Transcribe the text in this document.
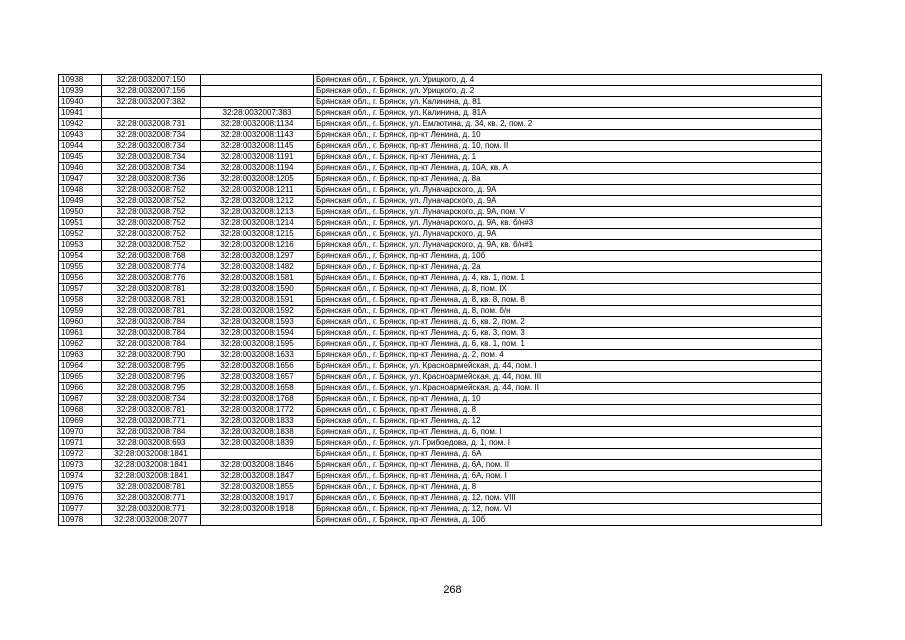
10938	32:28:0032007:150		Брянская обл., г. Брянск, ул. Урицкого, д. 4
10939	32:28:0032007:156		Брянская обл., г. Брянск, ул. Урицкого, д. 2
10940	32:28:0032007:382		Брянская обл., г. Брянск, ул. Калинина, д. 81
10941		32:28:0032007:383	Брянская обл., г. Брянск, ул. Калинина, д. 81А
10942	32:28:0032008:731	32:28:0032008:1134	Брянская обл., г. Брянск, ул. Емлютина, д. 34, кв. 2, пом. 2
10943	32:28:0032008:734	32:28:0032008:1143	Брянская обл., г. Брянск, пр-кт Ленина, д. 10
10944	32:28:0032008:734	32:28:0032008:1145	Брянская обл., г. Брянск, пр-кт Ленина, д. 10, пом. II
10945	32:28:0032008:734	32:28:0032008:1191	Брянская обл., г. Брянск, пр-кт Ленина, д. 1
10946	32:28:0032008:734	32:28:0032008:1194	Брянская обл., г. Брянск, пр-кт Ленина, д. 10А, кв. А
10947	32:28:0032008:736	32:28:0032008:1205	Брянская обл., г. Брянск, пр-кт Ленина, д. 8а
10948	32:28:0032008:752	32:28:0032008:1211	Брянская обл., г. Брянск, ул. Луначарского, д. 9А
10949	32:28:0032008:752	32:28:0032008:1212	Брянская обл., г. Брянск, ул. Луначарского, д. 9А
10950	32:28:0032008:752	32:28:0032008:1213	Брянская обл., г. Брянск, ул. Луначарского, д. 9А, пом. V
10951	32:28:0032008:752	32:28:0032008:1214	Брянская обл., г. Брянск, ул. Луначарского, д. 9А, кв. б/н#3
10952	32:28:0032008:752	32:28:0032008:1215	Брянская обл., г. Брянск, ул. Луначарского, д. 9А
10953	32:28:0032008:752	32:28:0032008:1216	Брянская обл., г. Брянск, ул. Луначарского, д. 9А, кв. б/н#1
10954	32:28:0032008:768	32:28:0032008:1297	Брянская обл., г. Брянск, пр-кт Ленина, д. 10б
10955	32:28:0032008:774	32:28:0032008:1482	Брянская обл., г. Брянск, пр-кт Ленина, д. 2а
10956	32:28:0032008:776	32:28:0032008:1581	Брянская обл., г. Брянск, пр-кт Ленина, д. 4, кв. 1, пом. 1
10957	32:28:0032008:781	32:28:0032008:1590	Брянская обл., г. Брянск, пр-кт Ленина, д. 8, пом. IX
10958	32:28:0032008:781	32:28:0032008:1591	Брянская обл., г. Брянск, пр-кт Ленина, д. 8, кв. 8, пом. 8
10959	32:28:0032008:781	32:28:0032008:1592	Брянская обл., г. Брянск, пр-кт Ленина, д. 8, пом. б/н
10960	32:28:0032008:784	32:28:0032008:1593	Брянская обл., г. Брянск, пр-кт Ленина, д. 6, кв. 2, пом. 2
10961	32:28:0032008:784	32:28:0032008:1594	Брянская обл., г. Брянск, пр-кт Ленина, д. 6, кв. 3, пом. 3
10962	32:28:0032008:784	32:28:0032008:1595	Брянская обл., г. Брянск, пр-кт Ленина, д. 6, кв. 1, пом. 1
10963	32:28:0032008:790	32:28:0032008:1633	Брянская обл., г. Брянск, пр-кт Ленина, д. 2, пом. 4
10964	32:28:0032008:795	32:28:0032008:1656	Брянская обл., г. Брянск, ул. Красноармейская, д. 44, пом. I
10965	32:28:0032008:795	32:28:0032008:1657	Брянская обл., г. Брянск, ул. Красноармейская, д. 44, пом. III
10966	32:28:0032008:795	32:28:0032008:1658	Брянская обл., г. Брянск, ул. Красноармейская, д. 44, пом. II
10967	32:28:0032008:734	32:28:0032008:1768	Брянская обл., г. Брянск, пр-кт Ленина, д. 10
10968	32:28:0032008:781	32:28:0032008:1772	Брянская обл., г. Брянск, пр-кт Ленина, д. 8
10969	32:28:0032008:771	32:28:0032008:1833	Брянская обл., г. Брянск, пр-кт Ленина, д. 12
10970	32:28:0032008:784	32:28:0032008:1838	Брянская обл., г. Брянск, пр-кт Ленина, д. 6, пом. I
10971	32:28:0032008:693	32:28:0032008:1839	Брянская обл., г. Брянск, ул. Грибоедова, д. 1, пом. I
10972	32:28:0032008:1841		Брянская обл., г. Брянск, пр-кт Ленина, д. 6А
10973	32:28:0032008:1841	32:28:0032008:1846	Брянская обл., г. Брянск, пр-кт Ленина, д. 6А, пом. II
10974	32:28:0032008:1841	32:28:0032008:1847	Брянская обл., г. Брянск, пр-кт Ленина, д. 6А, пом. I
10975	32:28:0032008:781	32:28:0032008:1855	Брянская обл., г. Брянск, пр-кт Ленина, д. 8
10976	32:28:0032008:771	32:28:0032008:1917	Брянская обл., г. Брянск, пр-кт Ленина, д. 12, пом. VIII
10977	32:28:0032008:771	32:28:0032008:1918	Брянская обл., г. Брянск, пр-кт Ленина, д. 12, пом. VI
10978	32:28:0032008:2077		Брянская обл., г. Брянск, пр-кт Ленина, д. 10б
268
